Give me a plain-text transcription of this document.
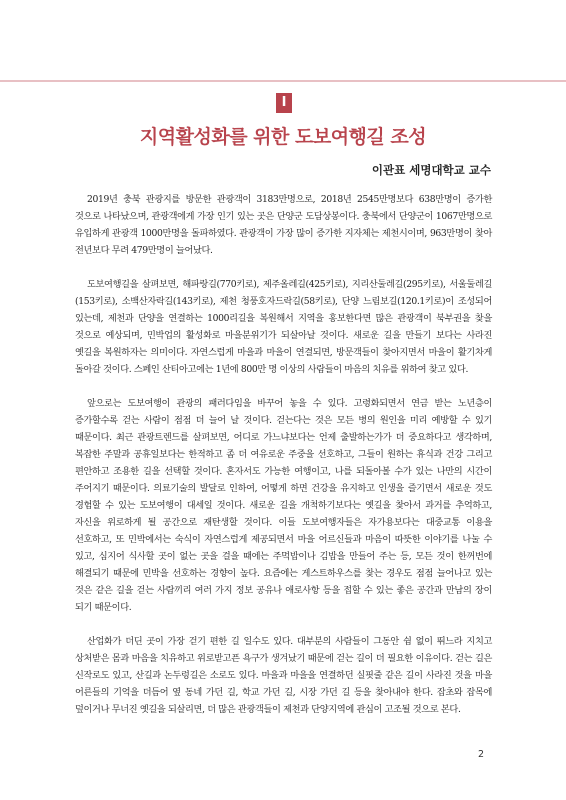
I
지역활성화를 위한 도보여행길 조성
이관표 세명대학교 교수

2019년 충북 관광지를 방문한 관광객이 3183만명으로, 2018년 2545만명보다 638만명이 증가한 것으로 나타났으며, 관광객에게 가장 인기 있는 곳은 단양군 도담상봉이다. 충북에서 단양군이 1067만명으로 유입하게 관광객 1000만명을 돌파하였다. 관광객이 가장 많이 증가한 지자체는 제천시이며, 963만명이 찾아 전년보다 무려 479만명이 늘어났다.

도보여행길을 살펴보면, 해파랑길(770키로), 제주올레길(425키로), 지리산둘레길(295키로), 서울둘레길(153키로), 소백산자락길(143키로), 제천 청풍호자드락길(58키로), 단양 느림보길(120.1키로)이 조성되어 있는데, 제천과 단양을 연결하는 1000리길을 복원해서 지역을 홍보한다면 많은 관광객이 북부권을 찾을 것으로 예상되며, 민박업의 활성화로 마을분위기가 되살아날 것이다. 새로운 길을 만들기 보다는 사라진 옛길을 복원하자는 의미이다. 자연스럽게 마을과 마을이 연결되면, 방문객들이 찾아지면서 마을이 활기차게 돌아갈 것이다. 스페인 산티아고에는 1년에 800만 명 이상의 사람들이 마음의 치유를 위하여 찾고 있다.

앞으로는 도보여행이 관광의 패러다임을 바꾸어 놓을 수 있다. 고령화되면서 연금 받는 노년층이 증가할수록 걷는 사람이 점점 더 늘어 날 것이다. 걷는다는 것은 모든 병의 원인을 미리 예방할 수 있기 때문이다. 최근 관광트렌드를 살펴보면, 어디로 가느냐보다는 언제 출발하는가가 더 중요하다고 생각하며, 복잡한 주말과 공휴일보다는 한적하고 좀 더 여유로운 주중을 선호하고, 그들이 원하는 휴식과 건강 그리고 편안하고 조용한 길을 선택할 것이다. 혼자서도 가능한 여행이고, 나를 되돌아볼 수가 있는 나만의 시간이 주어지기 때문이다. 의료기술의 발달로 인하여, 어떻게 하면 건강을 유지하고 인생을 즐기면서 새로운 것도 경험할 수 있는 도보여행이 대세일 것이다. 새로운 길을 개척하기보다는 옛길을 찾아서 과거를 추억하고, 자신을 위로하게 될 공간으로 재탄생할 것이다. 이들 도보여행자들은 자가용보다는 대중교통 이용을 선호하고, 또 민박에서는 숙식이 자연스럽게 제공되면서 마을 어르신들과 마음이 따뜻한 이야기를 나눌 수 있고, 심지어 식사할 곳이 없는 곳을 걸을 때에는 주먹밥이나 김밥을 만들어 주는 등, 모든 것이 한꺼번에 해결되기 때문에 민박을 선호하는 경향이 높다. 요즘에는 게스트하우스를 찾는 경우도 점점 늘어나고 있는 것은 같은 길을 걷는 사람끼리 여러 가지 정보 공유나 애로사항 등을 접할 수 있는 좋은 공간과 만남의 장이 되기 때문이다.

산업화가 더딘 곳이 가장 걷기 편한 길 일수도 있다. 대부분의 사람들이 그동안 쉼 없이 뛰느라 지치고 상처받은 몸과 마음을 치유하고 위로받고픈 욕구가 생겨났기 때문에 걷는 길이 더 필요한 이유이다. 걷는 길은 신작로도 있고, 산길과 논두렁길은 소로도 있다. 마을과 마을을 연결하던 실핏줄 같은 길이 사라진 것을 마을 어른들의 기억을 더듬어 옆 동네 가던 길, 학교 가던 길, 시장 가던 길 등을 찾아내야 한다. 잡초와 잡목에 덮이거나 무너진 옛길을 되살리면, 더 많은 관광객들이 제천과 단양지역에 관심이 고조될 것으로 본다.

2
